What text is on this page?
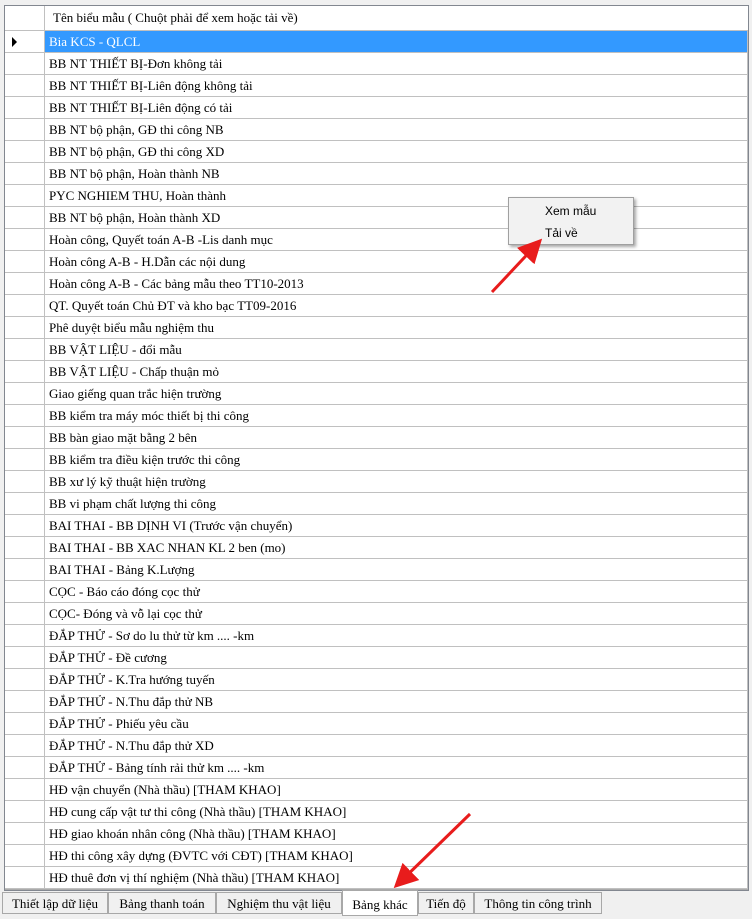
Tên biểu mẫu ( Chuột phải để xem hoặc tải về)
Bia KCS - QLCL
BB NT THIẾT BỊ-Đơn không tải
BB NT THIẾT BỊ-Liên động không tải
BB NT THIẾT BỊ-Liên động có tải
BB NT bộ phận, GĐ thi công NB
BB NT bộ phận, GĐ thi công XD
BB NT bộ phận, Hoàn thành NB
PYC NGHIEM THU, Hoàn thành
BB NT bộ phận, Hoàn thành XD
Hoàn công, Quyết toán A-B -Lis danh mục
Hoàn công A-B - H.Dẫn các nội dung
Hoàn công A-B - Các bảng mẫu theo TT10-2013
QT. Quyết toán Chủ ĐT và kho bạc TT09-2016
Phê duyệt biểu mẫu nghiệm thu
BB VẬT LIỆU - đổi mẫu
BB VẬT LIỆU - Chấp thuận mỏ
Giao giếng quan trắc hiện trường
BB kiểm tra máy móc thiết bị thi công
BB bàn giao mặt bằng 2 bên
BB kiểm tra điều kiện trước thi công
BB xư lý kỹ thuật hiện trường
BB vi phạm chất lượng thi công
BAI THAI - BB DỊNH VI (Trước vận chuyển)
BAI THAI - BB XAC NHAN KL 2 ben (mo)
BAI THAI - Bảng K.Lượng
CỌC - Báo cáo đóng cọc thử
CỌC- Đóng và vỗ lại cọc thử
ĐẮP THỬ - Sơ do lu thử từ km .... -km
ĐẮP THỬ - Đề cương
ĐẮP THỬ - K.Tra hướng tuyến
ĐẮP THỬ - N.Thu đắp thử NB
ĐẮP THỬ - Phiếu yêu cầu
ĐẮP THỬ - N.Thu đắp thử XD
ĐẮP THỬ - Bảng tính rải thử km .... -km
HĐ vận chuyển (Nhà thầu) [THAM KHAO]
HĐ cung cấp vật tư thi công (Nhà thầu) [THAM KHAO]
HĐ giao khoán nhân công (Nhà thầu) [THAM KHAO]
HĐ thi công xây dựng (ĐVTC với CĐT) [THAM KHAO]
HĐ thuê đơn vị thí nghiệm (Nhà thầu) [THAM KHAO]
Xem mẫu
Tải về
Thiết lập dữ liệu	Bảng thanh toán	Nghiệm thu vật liệu	Bảng khác	Tiến độ	Thông tin công trình
